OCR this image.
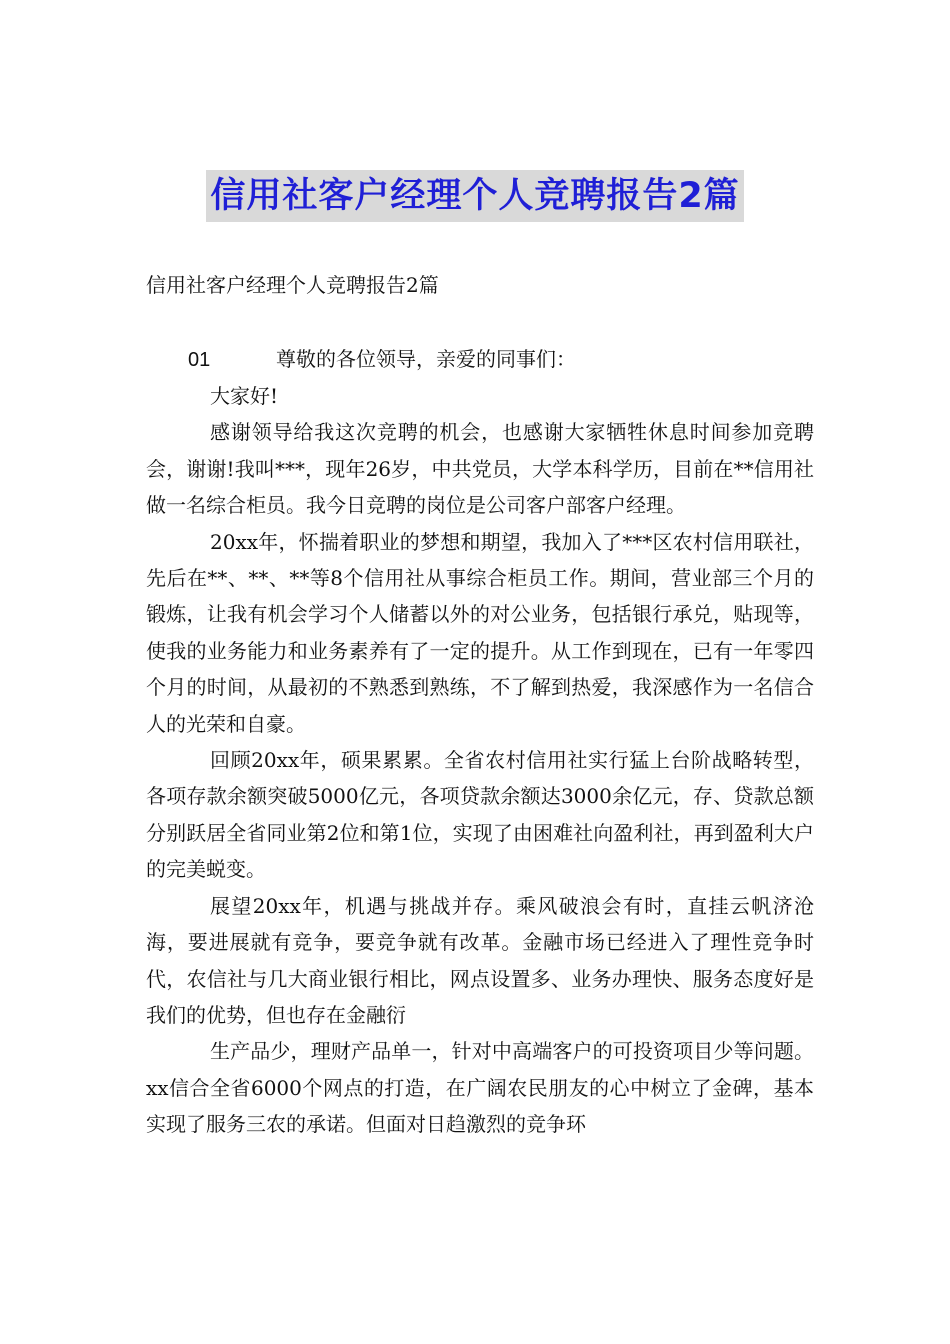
信用社客户经理个人竞聘报告2篇
信用社客户经理个人竞聘报告2篇
01	尊敬的各位领导，亲爱的同事们：

大家好!

感谢领导给我这次竞聘的机会，也感谢大家牺牲休息时间参加竞聘会，谢谢!我叫***，现年26岁，中共党员，大学本科学历，目前在**信用社做一名综合柜员。我今日竞聘的岗位是公司客户部客户经理。

20xx年，怀揣着职业的梦想和期望，我加入了***区农村信用联社，先后在**、**、**等8个信用社从事综合柜员工作。期间，营业部三个月的锻炼，让我有机会学习个人储蓄以外的对公业务，包括银行承兑，贴现等，使我的业务能力和业务素养有了一定的提升。从工作到现在，已有一年零四个月的时间，从最初的不熟悉到熟练，不了解到热爱，我深感作为一名信合人的光荣和自豪。

回顾20xx年，硕果累累。全省农村信用社实行猛上台阶战略转型，各项存款余额突破5000亿元，各项贷款余额达3000余亿元，存、贷款总额分别跃居全省同业第2位和第1位，实现了由困难社向盈利社，再到盈利大户的完美蜕变。

展望20xx年，机遇与挑战并存。乘风破浪会有时，直挂云帆济沧海，要进展就有竞争，要竞争就有改革。金融市场已经进入了理性竞争时代，农信社与几大商业银行相比，网点设置多、业务办理快、服务态度好是我们的优势，但也存在金融衍

生产品少，理财产品单一，针对中高端客户的可投资项目少等问题。xx信合全省6000个网点的打造，在广阔农民朋友的心中树立了金碑，基本实现了服务三农的承诺。但面对日趋激烈的竞争环
